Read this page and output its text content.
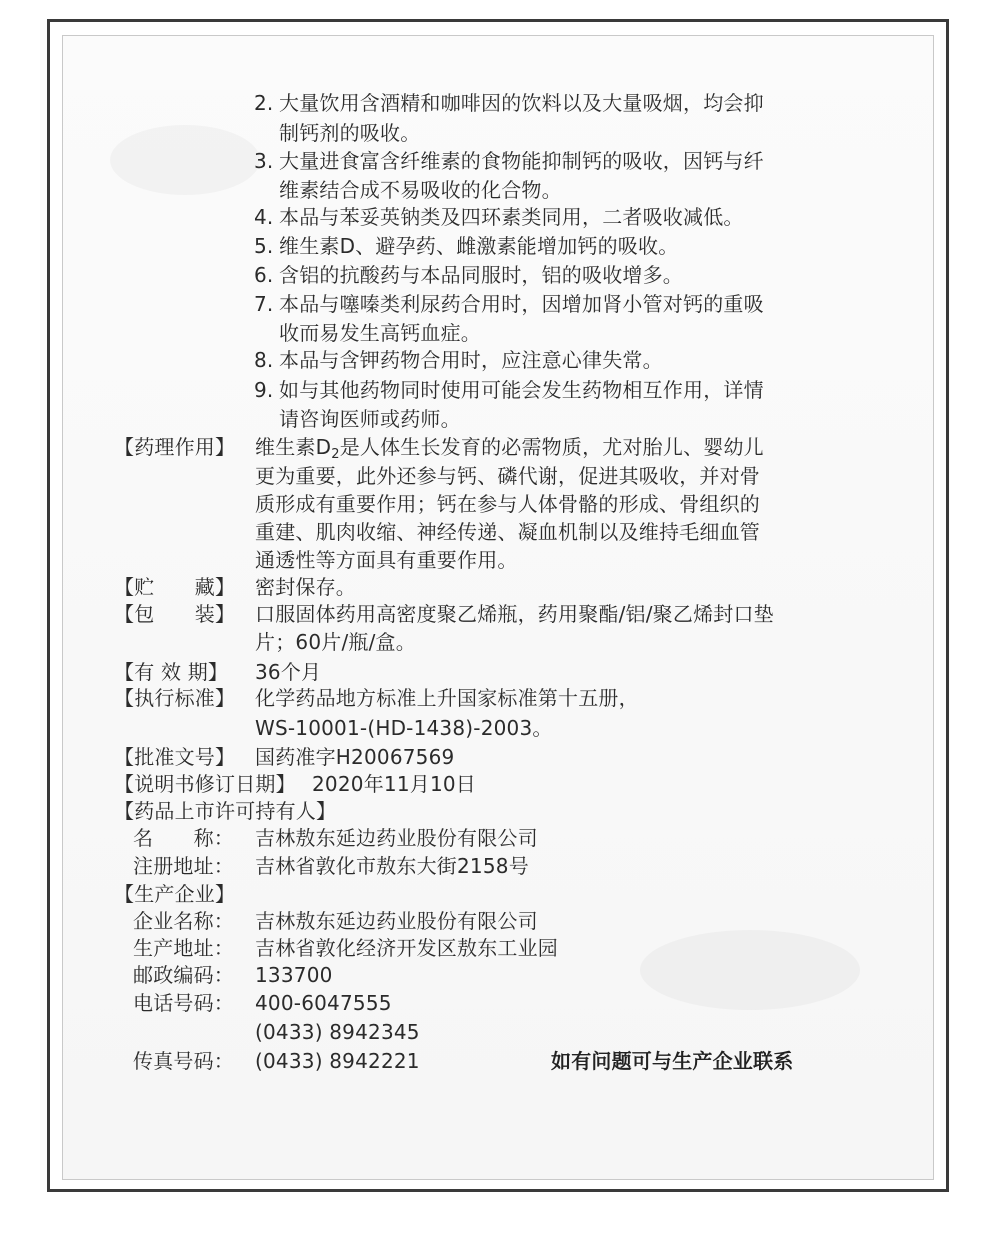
2. 大量饮用含酒精和咖啡因的饮料以及大量吸烟，均会抑
制钙剂的吸收。
3. 大量进食富含纤维素的食物能抑制钙的吸收，因钙与纤
维素结合成不易吸收的化合物。
4. 本品与苯妥英钠类及四环素类同用，二者吸收减低。
5. 维生素D、避孕药、雌激素能增加钙的吸收。
6. 含铝的抗酸药与本品同服时，铝的吸收增多。
7. 本品与噻嗪类利尿药合用时，因增加肾小管对钙的重吸
收而易发生高钙血症。
8. 本品与含钾药物合用时，应注意心律失常。
9. 如与其他药物同时使用可能会发生药物相互作用，详情
请咨询医师或药师。
【药理作用】 维生素$D_2$是人体生长发育的必需物质，尤对胎儿、婴幼儿
更为重要，此外还参与钙、磷代谢，促进其吸收，并对骨
质形成有重要作用；钙在参与人体骨骼的形成、骨组织的
重建、肌肉收缩、神经传递、凝血机制以及维持毛细血管
通透性等方面具有重要作用。
【贮　　藏】 密封保存。
【包　　装】 口服固体药用高密度聚乙烯瓶，药用聚酯/铝/聚乙烯封口垫
片；60片/瓶/盒。
【有 效 期】 36个月
【执行标准】 化学药品地方标准上升国家标准第十五册，
WS-10001-(HD-1438)-2003。
【批准文号】 国药准字H20067569
【说明书修订日期】 2020年11月10日
【药品上市许可持有人】
名　　称： 吉林敖东延边药业股份有限公司
注册地址： 吉林省敦化市敖东大街2158号
【生产企业】
企业名称： 吉林敖东延边药业股份有限公司
生产地址： 吉林省敦化经济开发区敖东工业园
邮政编码： 133700
电话号码： 400-6047555
(0433) 8942345
传真号码： (0433) 8942221	如有问题可与生产企业联系
